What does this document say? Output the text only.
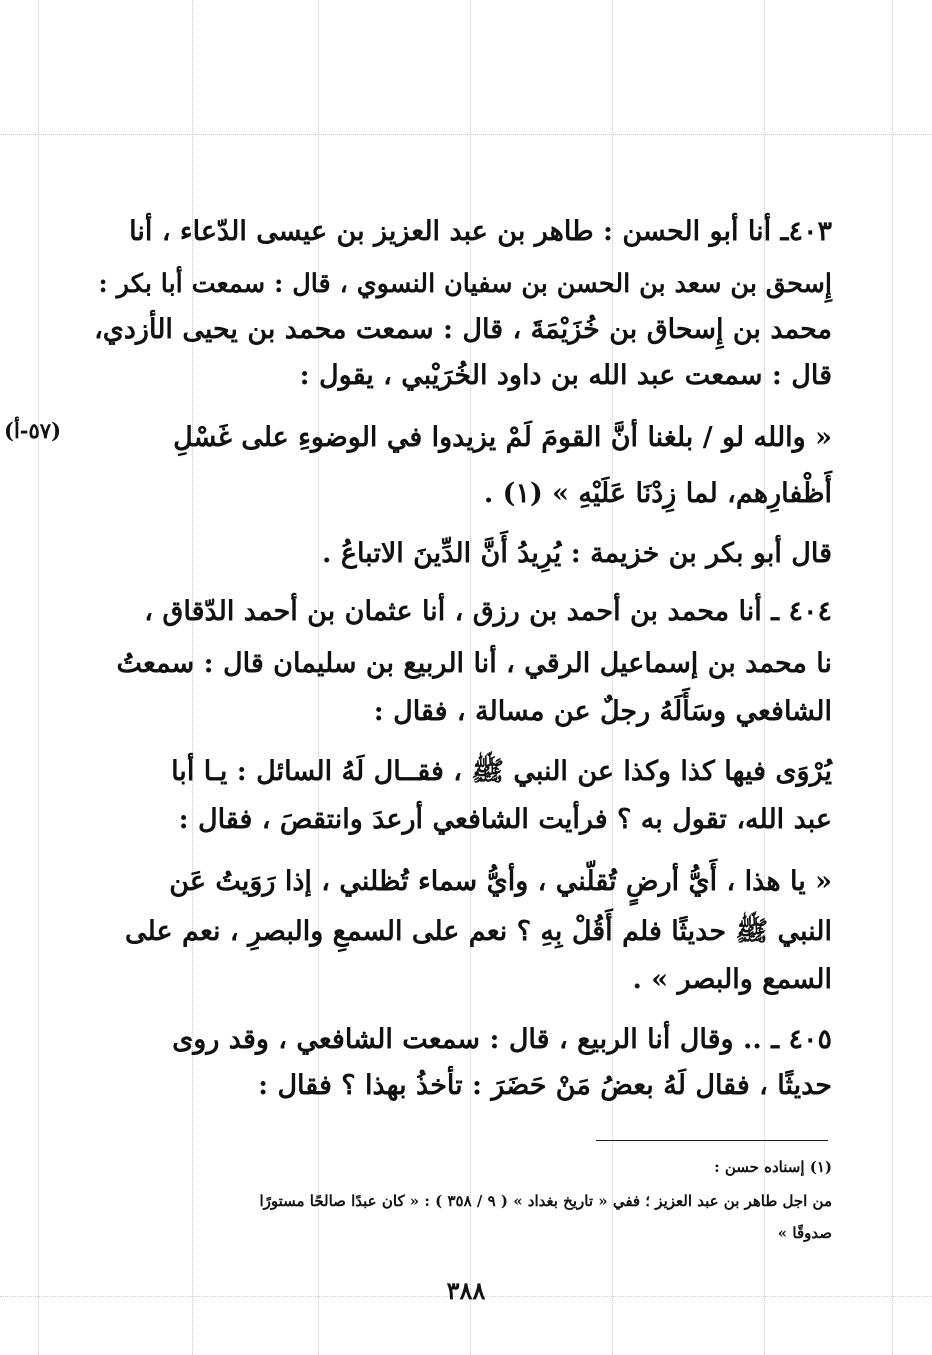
(٥٧-أ)
٤٠٣ـ أنا أبو الحسن : طاهر بن عبد العزيز بن عيسى الدّعاء ، أنا
إِسحق بن سعد بن الحسن بن سفيان النسوي ، قال : سمعت أبا بكر :
محمد بن إِسحاق بن خُزَيْمَةَ ، قال : سمعت محمد بن يحيى الأزدي،
قال : سمعت عبد الله بن داود الخُرَيْبي ، يقول :
« والله لو / بلغنا أنَّ القومَ لَمْ يزيدوا في الوضوءِ على غَسْلِ
أَظْفارِهم، لما زِدْنَا عَلَيْهِ » (١) .
قال أبو بكر بن خزيمة : يُرِيدُ أَنَّ الدِّينَ الاتباعُ .
٤٠٤ ـ أنا محمد بن أحمد بن رزق ، أنا عثمان بن أحمد الدّقاق ،
نا محمد بن إسماعيل الرقي ، أنا الربيع بن سليمان قال : سمعتُ
الشافعي وسَأَلَهُ رجلٌ عن مسالة ، فقال :
يُرْوَى فيها كذا وكذا عن النبي ﷺ ، فقــال لَهُ السائل : يـا أبا
عبد الله، تقول به ؟ فرأيت الشافعي أرعدَ وانتقصَ ، فقال :
« يا هذا ، أَيُّ أرضٍ تُقلّني ، وأيُّ سماء تُظلني ، إذا رَوَيتُ عَن
النبي ﷺ حديثًا فلم أَقُلْ بِهِ ؟ نعم على السمعِ والبصرِ ، نعم على
السمع والبصر » .
٤٠٥ ـ .. وقال أنا الربيع ، قال : سمعت الشافعي ، وقد روى
حديثًا ، فقال لَهُ بعضُ مَنْ حَضَرَ : تأخذُ بهذا ؟ فقال :
(١) إسناده حسن :
من اجل طاهر بن عبد العزيز ؛ ففي « تاريخ بغداد » ( ٩ / ٣٥٨ ) : « كان عبدًا صالحًا مستورًا
صدوقًا »
٣٨٨
